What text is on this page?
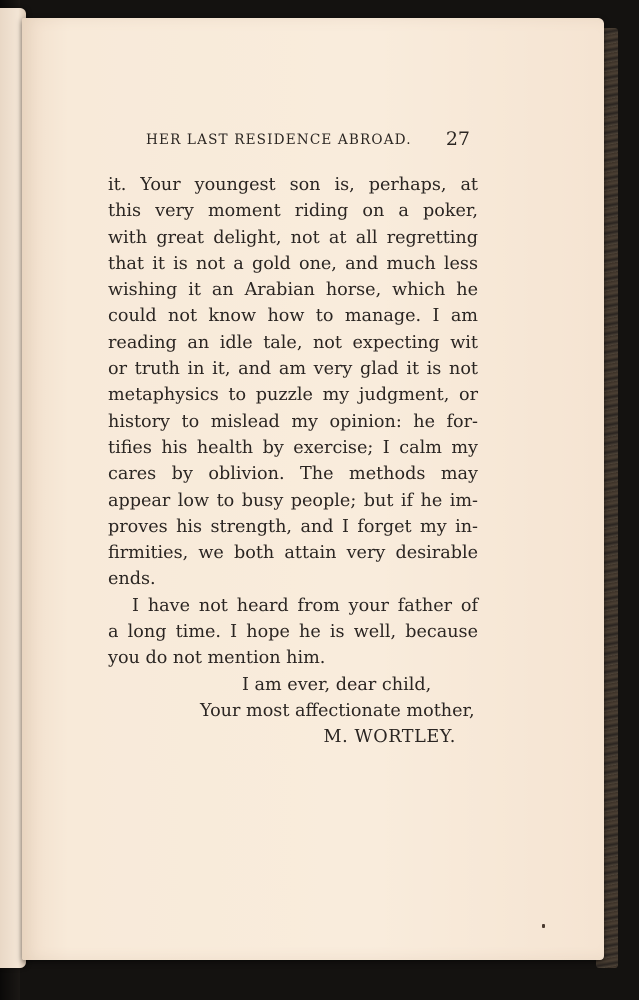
HER LAST RESIDENCE ABROAD. 27
it. Your youngest son is, perhaps, at
this very moment riding on a poker,
with great delight, not at all regretting
that it is not a gold one, and much less
wishing it an Arabian horse, which he
could not know how to manage. I am
reading an idle tale, not expecting wit
or truth in it, and am very glad it is not
metaphysics to puzzle my judgment, or
history to mislead my opinion: he for-
tifies his health by exercise; I calm my
cares by oblivion. The methods may
appear low to busy people; but if he im-
proves his strength, and I forget my in-
firmities, we both attain very desirable
ends.
I have not heard from your father of
a long time. I hope he is well, because
you do not mention him.
I am ever, dear child,
Your most affectionate mother,
M. WORTLEY.
